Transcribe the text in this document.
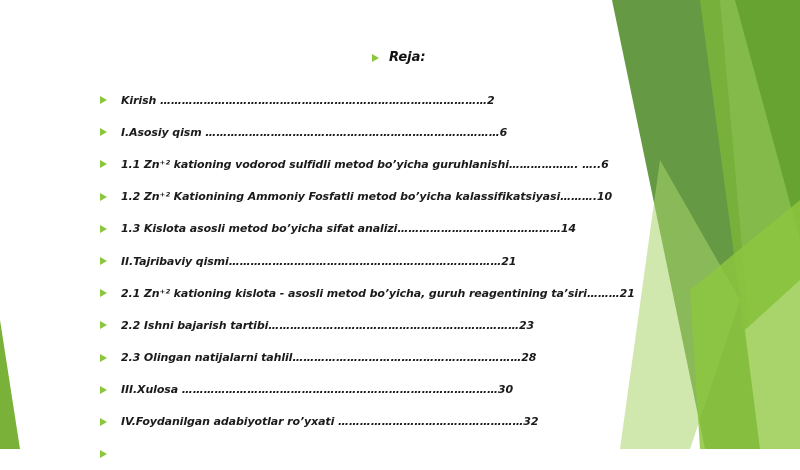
Reja:
Kirish ………………………………………………………………………………2
I.Asosiy qism ………………………………………………………………………6
1.1 Zn⁺² kationing vodorod sulfidli metod bo’yicha guruhlanishi………………. …..6
1.2 Zn⁺² Kationining Ammoniy Fosfatli metod bo’yicha kalassifikatsiyasi……….10
1.3 Kislota asosli metod bo’yicha sifat analizi………………………………………14
II.Tajribaviy qismi…………………………………………………………………21
2.1 Zn⁺² kationing kislota - asosli metod bo’yicha, guruh reagentining ta’siri………21
2.2 Ishni bajarish tartibi……………………………………………………………23
2.3 Olingan natijalarni tahlil………………………………………………………28
III.Xulosa ……………………………………………………………………………30
IV.Foydanilgan adabiyotlar ro’yxati ……………………………………………32
